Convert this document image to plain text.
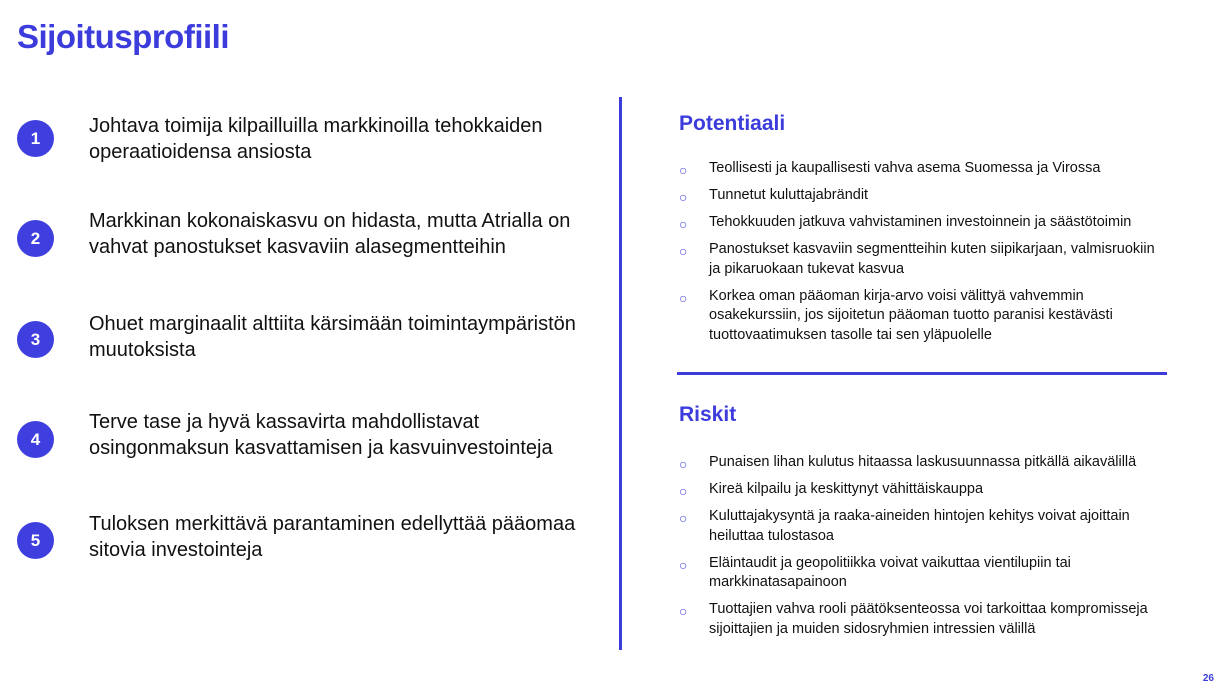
Sijoitusprofiili
1
Johtava toimija kilpailluilla markkinoilla tehokkaiden operaatioidensa ansiosta
2
Markkinan kokonaiskasvu on hidasta, mutta Atrialla on vahvat panostukset kasvaviin alasegmentteihin
3
Ohuet marginaalit alttiita kärsimään toimintaympäristön muutoksista
4
Terve tase ja hyvä kassavirta mahdollistavat osingonmaksun kasvattamisen ja kasvuinvestointeja
5
Tuloksen merkittävä parantaminen edellyttää pääomaa sitovia investointeja
Potentiaali
○ Teollisesti ja kaupallisesti vahva asema Suomessa ja Virossa
○ Tunnetut kuluttajabrändit
○ Tehokkuuden jatkuva vahvistaminen investoinnein ja säästötoimin
○ Panostukset kasvaviin segmentteihin kuten siipikarjaan, valmisruokiin ja pikaruokaan tukevat kasvua
○ Korkea oman pääoman kirja-arvo voisi välittyä vahvemmin osakekurssiin, jos sijoitetun pääoman tuotto paranisi kestävästi tuottovaatimuksen tasolle tai sen yläpuolelle
Riskit
○ Punaisen lihan kulutus hitaassa laskusuunnassa pitkällä aikavälillä
○ Kireä kilpailu ja keskittynyt vähittäiskauppa
○ Kuluttajakysyntä ja raaka-aineiden hintojen kehitys voivat ajoittain heiluttaa tulostasoa
○ Eläintaudit ja geopolitiikka voivat vaikuttaa vientilupiin tai markkinatasapainoon
○ Tuottajien vahva rooli päätöksenteossa voi tarkoittaa kompromisseja sijoittajien ja muiden sidosryhmien intressien välillä
26
